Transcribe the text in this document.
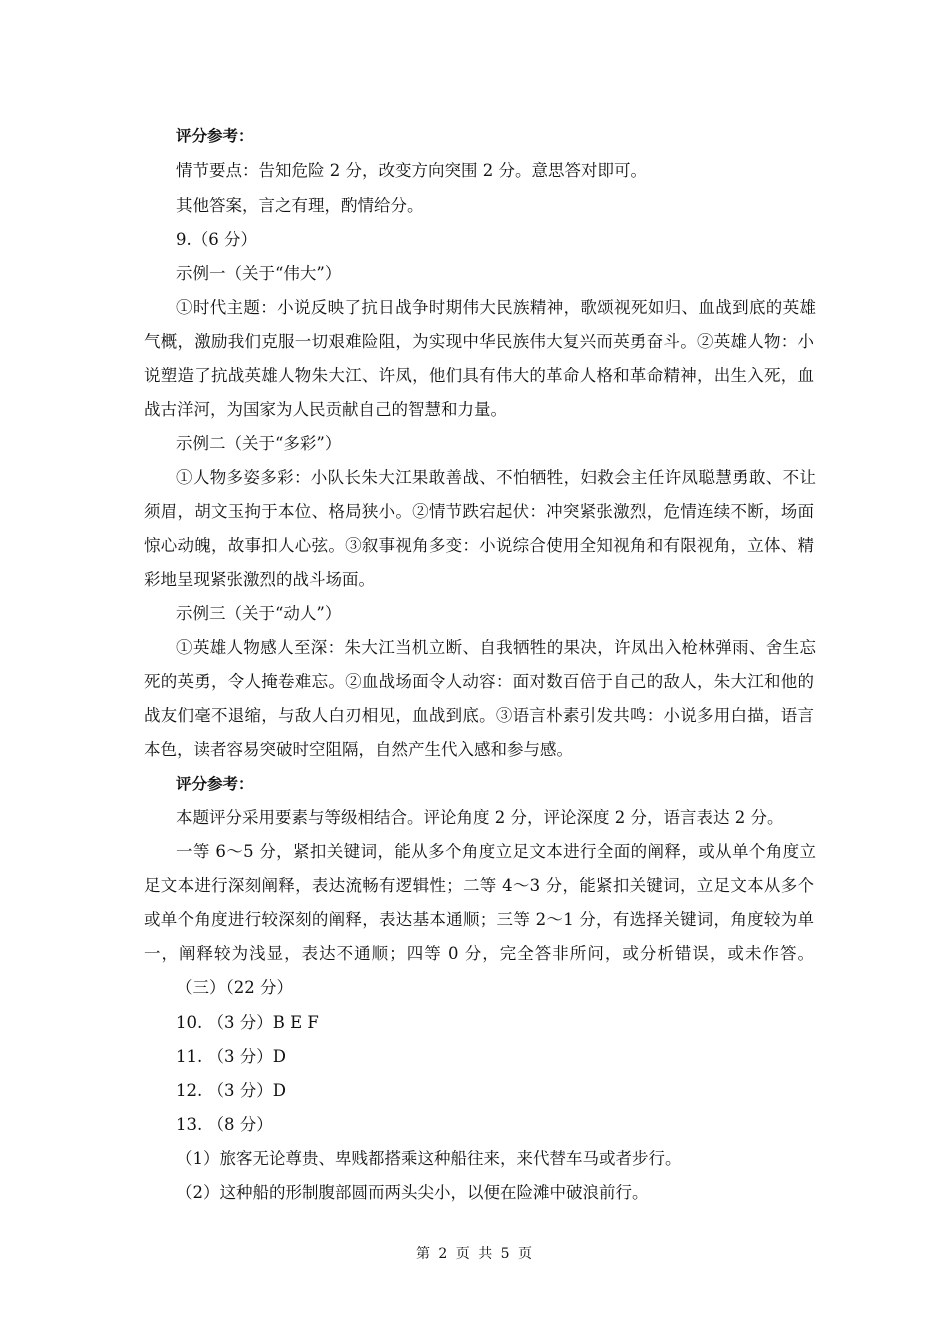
评分参考：
情节要点：告知危险 2 分，改变方向突围 2 分。意思答对即可。
其他答案，言之有理，酌情给分。
9.（6 分）
示例一（关于“伟大”）
①时代主题：小说反映了抗日战争时期伟大民族精神，歌颂视死如归、血战到底的英雄
气概，激励我们克服一切艰难险阻，为实现中华民族伟大复兴而英勇奋斗。②英雄人物：小
说塑造了抗战英雄人物朱大江、许凤，他们具有伟大的革命人格和革命精神，出生入死，血
战古洋河，为国家为人民贡献自己的智慧和力量。
示例二（关于“多彩”）
①人物多姿多彩：小队长朱大江果敢善战、不怕牺牲，妇救会主任许凤聪慧勇敢、不让
须眉，胡文玉拘于本位、格局狭小。②情节跌宕起伏：冲突紧张激烈，危情连续不断，场面
惊心动魄，故事扣人心弦。③叙事视角多变：小说综合使用全知视角和有限视角，立体、精
彩地呈现紧张激烈的战斗场面。
示例三（关于“动人”）
①英雄人物感人至深：朱大江当机立断、自我牺牲的果决，许凤出入枪林弹雨、舍生忘
死的英勇，令人掩卷难忘。②血战场面令人动容：面对数百倍于自己的敌人，朱大江和他的
战友们毫不退缩，与敌人白刃相见，血战到底。③语言朴素引发共鸣：小说多用白描，语言
本色，读者容易突破时空阻隔，自然产生代入感和参与感。
评分参考：
本题评分采用要素与等级相结合。评论角度 2 分，评论深度 2 分，语言表达 2 分。
一等 6～5 分，紧扣关键词，能从多个角度立足文本进行全面的阐释，或从单个角度立
足文本进行深刻阐释，表达流畅有逻辑性；二等 4～3 分，能紧扣关键词，立足文本从多个
或单个角度进行较深刻的阐释，表达基本通顺；三等 2～1 分，有选择关键词，角度较为单
一，阐释较为浅显，表达不通顺；四等 0 分，完全答非所问，或分析错误，或未作答。
（三）（22 分）
10. （3 分）B E F
11. （3 分）D
12. （3 分）D
13. （8 分）
（1）旅客无论尊贵、卑贱都搭乘这种船往来，来代替车马或者步行。
（2）这种船的形制腹部圆而两头尖小，以便在险滩中破浪前行。
第 2 页 共 5 页
